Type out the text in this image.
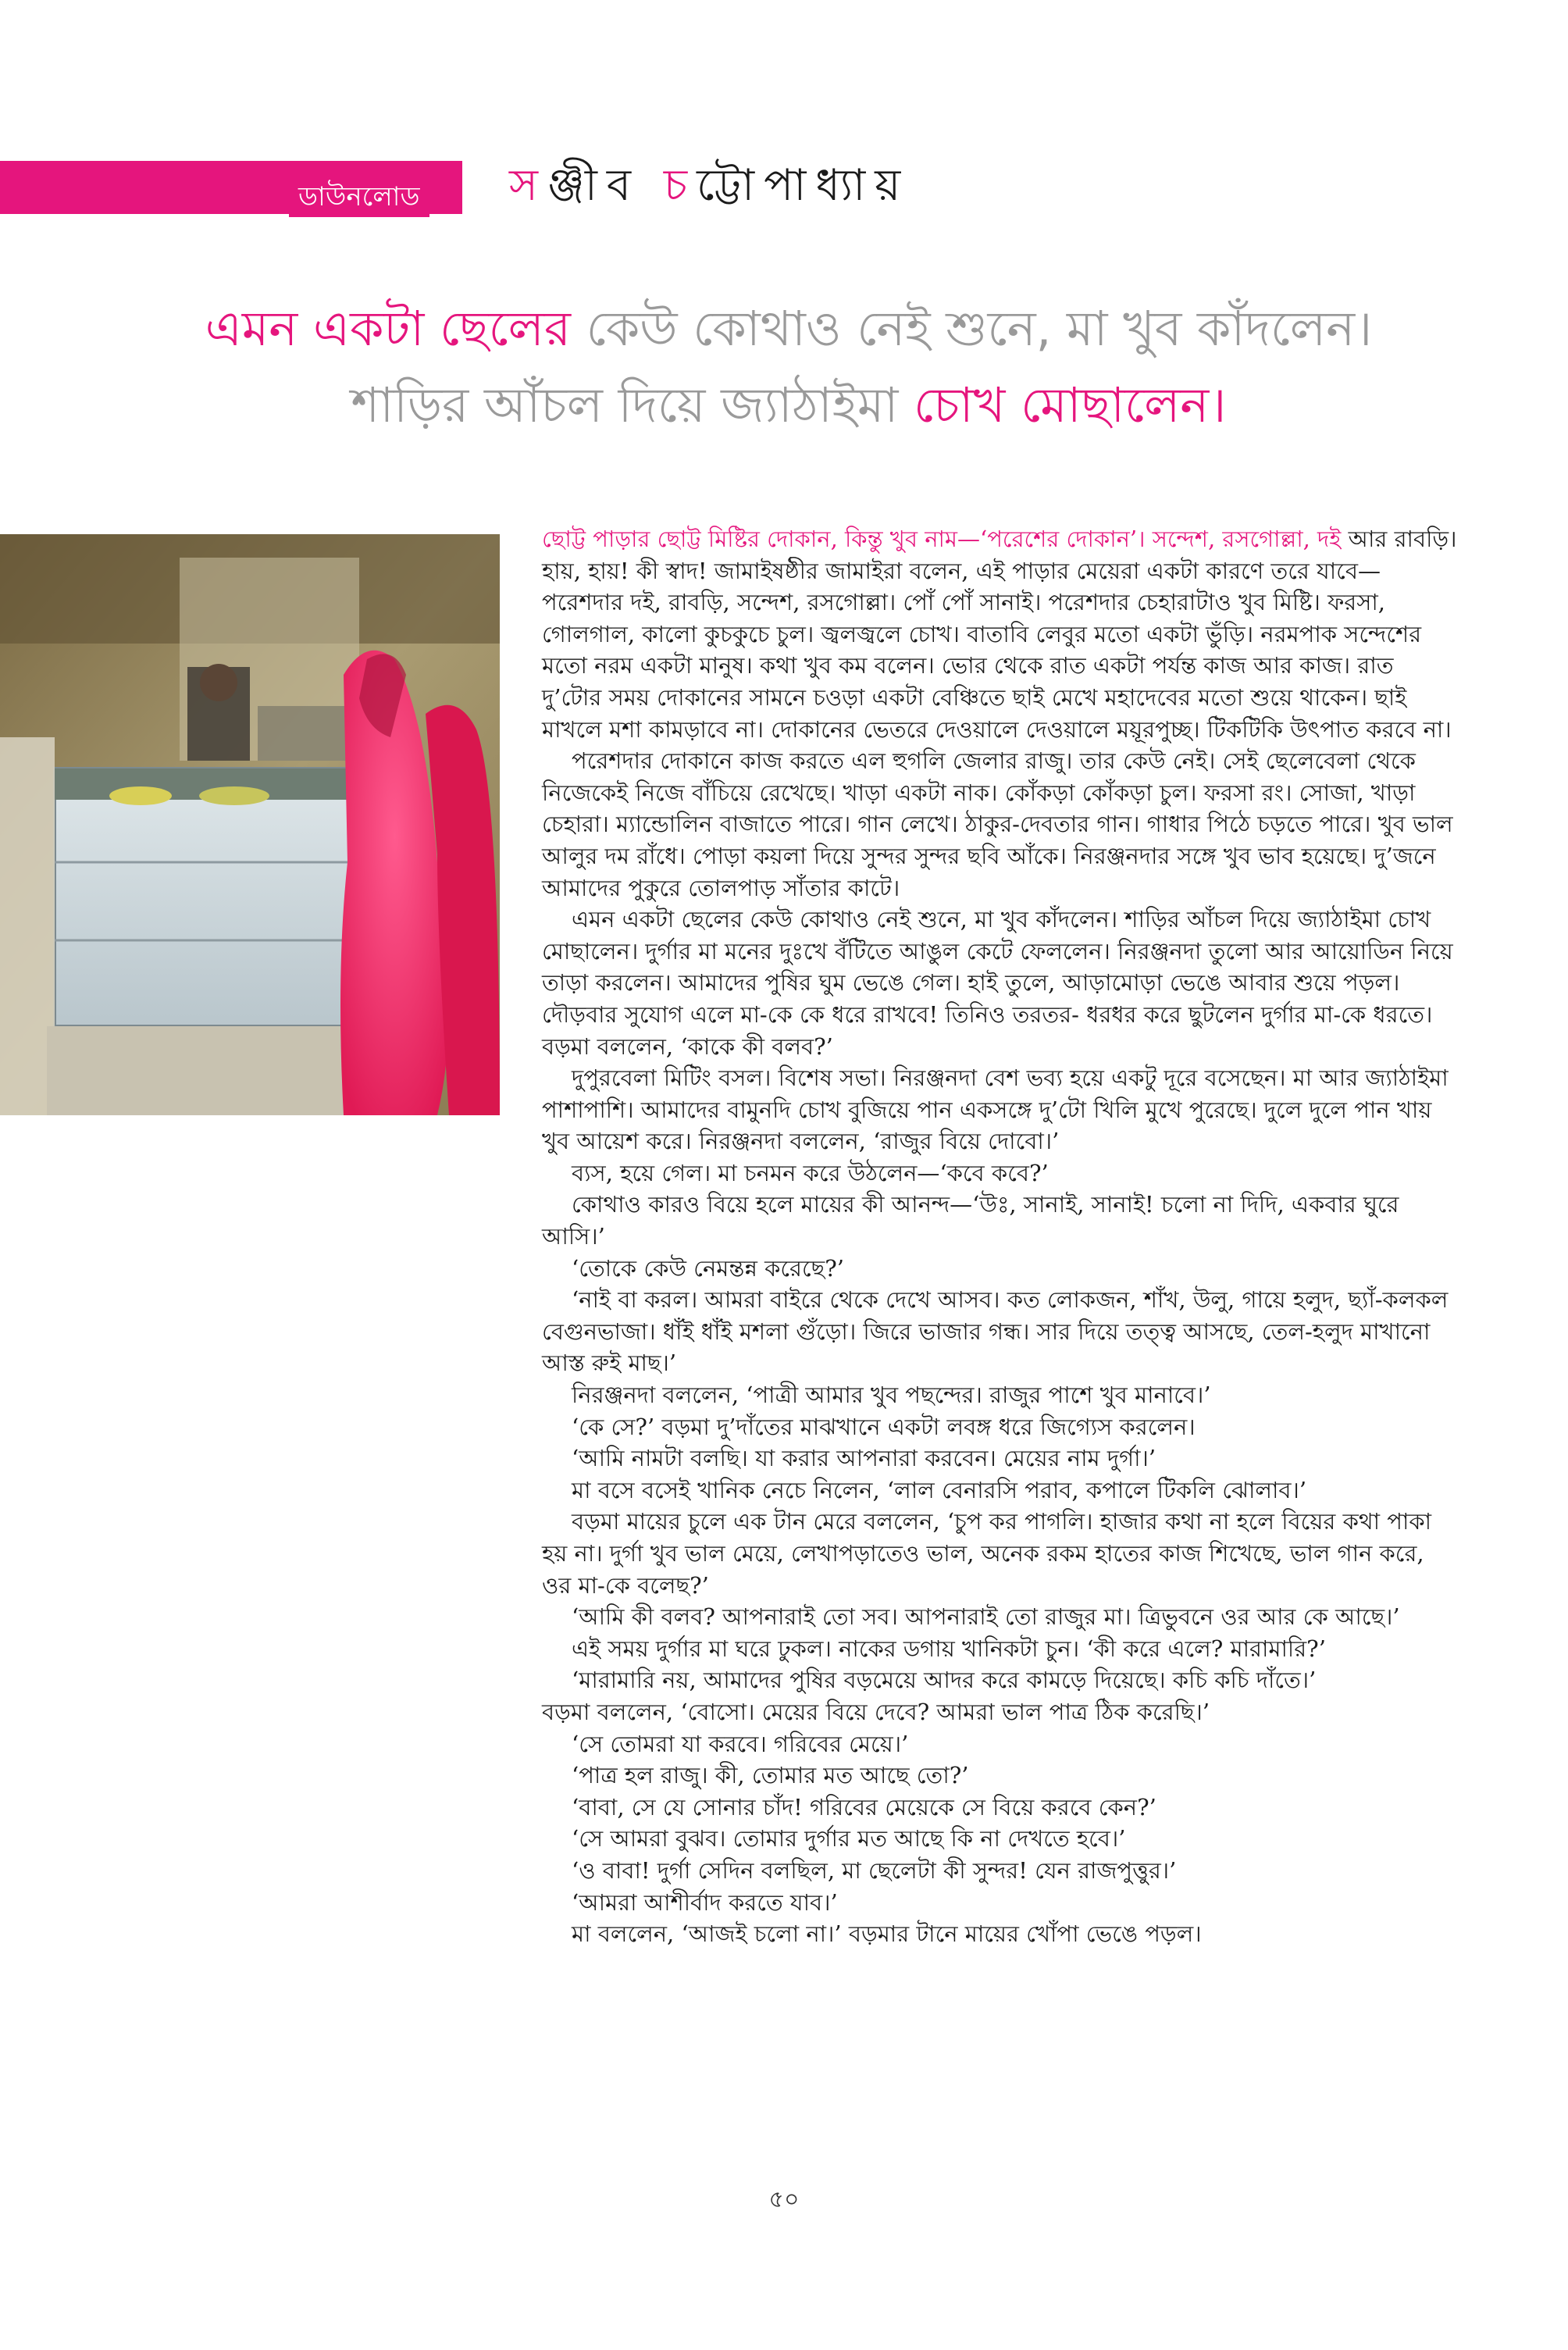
ডাউনলোড সঞ্জীব চট্টোপাধ্যায়
এমন একটা ছেলের কেউ কোথাও নেই শুনে, মা খুব কাঁদলেন। শাড়ির আঁচল দিয়ে জ্যাঠাইমা চোখ মোছালেন।

ছোট্ট পাড়ার ছোট্ট মিষ্টির দোকান, কিন্তু খুব নাম—‘পরেশের দোকান’। সন্দেশ, রসগোল্লা, দই আর রাবড়ি। হায়, হায়! কী স্বাদ! জামাইষষ্ঠীর জামাইরা বলেন, এই পাড়ার মেয়েরা একটা কারণে তরে যাবে—পরেশদার দই, রাবড়ি, সন্দেশ, রসগোল্লা। পোঁ পোঁ সানাই। পরেশদার চেহারাটাও খুব মিষ্টি। ফরসা, গোলগাল, কালো কুচকুচে চুল। জ্বলজ্বলে চোখ। বাতাবি লেবুর মতো একটা ভুঁড়ি। নরমপাক সন্দেশের মতো নরম একটা মানুষ। কথা খুব কম বলেন। ভোর থেকে রাত একটা পর্যন্ত কাজ আর কাজ। রাত দু’টোর সময় দোকানের সামনে চওড়া একটা বেঞ্চিতে ছাই মেখে মহাদেবের মতো শুয়ে থাকেন। ছাই মাখলে মশা কামড়াবে না। দোকানের ভেতরে দেওয়ালে দেওয়ালে ময়ূরপুচ্ছ। টিকটিকি উৎপাত করবে না।

পরেশদার দোকানে কাজ করতে এল হুগলি জেলার রাজু। তার কেউ নেই। সেই ছেলেবেলা থেকে নিজেকেই নিজে বাঁচিয়ে রেখেছে। খাড়া একটা নাক। কোঁকড়া কোঁকড়া চুল। ফরসা রং। সোজা, খাড়া চেহারা। ম্যান্ডোলিন বাজাতে পারে। গান লেখে। ঠাকুর-দেবতার গান। গাধার পিঠে চড়তে পারে। খুব ভাল আলুর দম রাঁধে। পোড়া কয়লা দিয়ে সুন্দর সুন্দর ছবি আঁকে। নিরঞ্জনদার সঙ্গে খুব ভাব হয়েছে। দু’জনে আমাদের পুকুরে তোলপাড় সাঁতার কাটে।

এমন একটা ছেলের কেউ কোথাও নেই শুনে, মা খুব কাঁদলেন। শাড়ির আঁচল দিয়ে জ্যাঠাইমা চোখ মোছালেন। দুর্গার মা মনের দুঃখে বঁটিতে আঙুল কেটে ফেললেন। নিরঞ্জনদা তুলো আর আয়োডিন নিয়ে তাড়া করলেন। আমাদের পুষির ঘুম ভেঙে গেল। হাই তুলে, আড়ামোড়া ভেঙে আবার শুয়ে পড়ল। দৌড়বার সুযোগ এলে মা-কে কে ধরে রাখবে! তিনিও তরতর- ধরধর করে ছুটলেন দুর্গার মা-কে ধরতে। বড়মা বললেন, ‘কাকে কী বলব?’

দুপুরবেলা মিটিং বসল। বিশেষ সভা। নিরঞ্জনদা বেশ ভব্য হয়ে একটু দূরে বসেছেন। মা আর জ্যাঠাইমা পাশাপাশি। আমাদের বামুনদি চোখ বুজিয়ে পান একসঙ্গে দু’টো খিলি মুখে পুরেছে। দুলে দুলে পান খায় খুব আয়েশ করে। নিরঞ্জনদা বললেন, ‘রাজুর বিয়ে দোবো।’

ব্যস, হয়ে গেল। মা চনমন করে উঠলেন—‘কবে কবে?’

কোথাও কারও বিয়ে হলে মায়ের কী আনন্দ—‘উঃ, সানাই, সানাই! চলো না দিদি, একবার ঘুরে আসি।’

‘তোকে কেউ নেমন্তন্ন করেছে?’

‘নাই বা করল। আমরা বাইরে থেকে দেখে আসব। কত লোকজন, শাঁখ, উলু, গায়ে হলুদ, ছ্যাঁ-কলকল বেগুনভাজা। ধাঁই ধাঁই মশলা গুঁড়ো। জিরে ভাজার গন্ধ। সার দিয়ে তত্ত্ব আসছে, তেল-হলুদ মাখানো আস্ত রুই মাছ।’

নিরঞ্জনদা বললেন, ‘পাত্রী আমার খুব পছন্দের। রাজুর পাশে খুব মানাবে।’

‘কে সে?’ বড়মা দু’দাঁতের মাঝখানে একটা লবঙ্গ ধরে জিগ্যেস করলেন।

‘আমি নামটা বলছি। যা করার আপনারা করবেন। মেয়ের নাম দুর্গা।’

মা বসে বসেই খানিক নেচে নিলেন, ‘লাল বেনারসি পরাব, কপালে টিকলি ঝোলাব।’

বড়মা মায়ের চুলে এক টান মেরে বললেন, ‘চুপ কর পাগলি। হাজার কথা না হলে বিয়ের কথা পাকা হয় না। দুর্গা খুব ভাল মেয়ে, লেখাপড়াতেও ভাল, অনেক রকম হাতের কাজ শিখেছে, ভাল গান করে, ওর মা-কে বলেছ?’

‘আমি কী বলব? আপনারাই তো সব। আপনারাই তো রাজুর মা। ত্রিভুবনে ওর আর কে আছে।’

এই সময় দুর্গার মা ঘরে ঢুকল। নাকের ডগায় খানিকটা চুন। ‘কী করে এলে? মারামারি?’

‘মারামারি নয়, আমাদের পুষির বড়মেয়ে আদর করে কামড়ে দিয়েছে। কচি কচি দাঁতে।’

বড়মা বললেন, ‘বোসো। মেয়ের বিয়ে দেবে? আমরা ভাল পাত্র ঠিক করেছি।’

‘সে তোমরা যা করবে। গরিবের মেয়ে।’

‘পাত্র হল রাজু। কী, তোমার মত আছে তো?’

‘বাবা, সে যে সোনার চাঁদ! গরিবের মেয়েকে সে বিয়ে করবে কেন?’

‘সে আমরা বুঝব। তোমার দুর্গার মত আছে কি না দেখতে হবে।’

‘ও বাবা! দুর্গা সেদিন বলছিল, মা ছেলেটা কী সুন্দর! যেন রাজপুত্তুর।’

‘আমরা আশীর্বাদ করতে যাব।’

মা বললেন, ‘আজই চলো না।’ বড়মার টানে মায়ের খোঁপা ভেঙে পড়ল।

৫০
